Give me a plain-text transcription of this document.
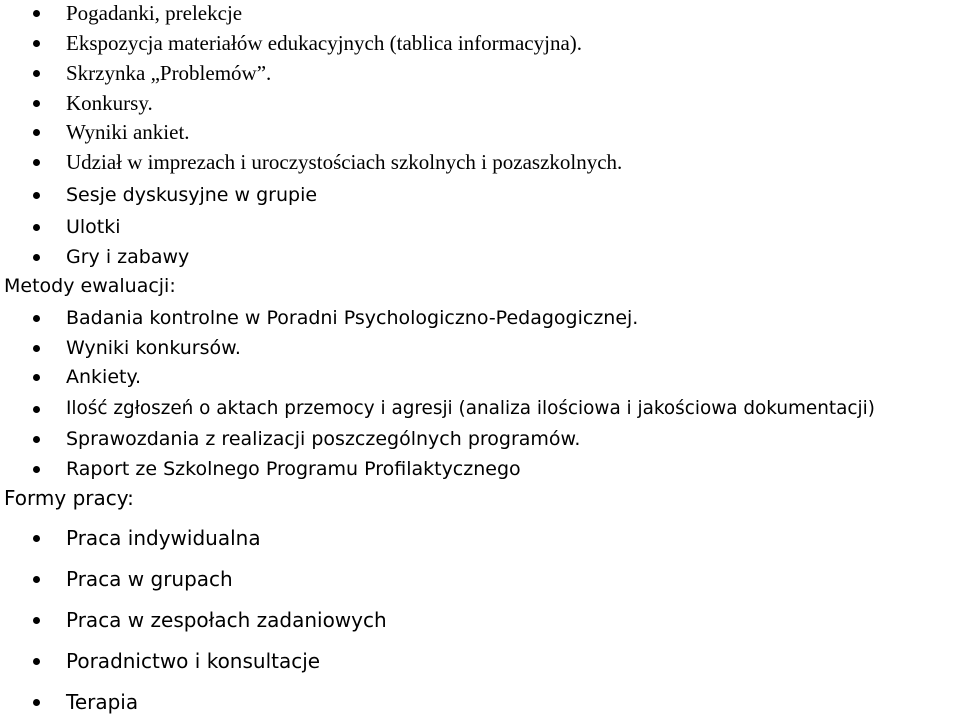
Pogadanki, prelekcje
Ekspozycja materiałów edukacyjnych (tablica informacyjna).
Skrzynka „Problemów”.
Konkursy.
Wyniki ankiet.
Udział w imprezach i uroczystościach szkolnych i pozaszkolnych.
Sesje dyskusyjne w grupie
Ulotki
Gry i zabawy
Metody ewaluacji:
Badania kontrolne w Poradni Psychologiczno-Pedagogicznej.
Wyniki konkursów.
Ankiety.
Ilość zgłoszeń o aktach przemocy i agresji (analiza ilościowa i jakościowa dokumentacji)
Sprawozdania z realizacji poszczególnych programów.
Raport ze Szkolnego Programu Profilaktycznego
Formy pracy:
Praca indywidualna
Praca w grupach
Praca w zespołach zadaniowych
Poradnictwo i konsultacje
Terapia
